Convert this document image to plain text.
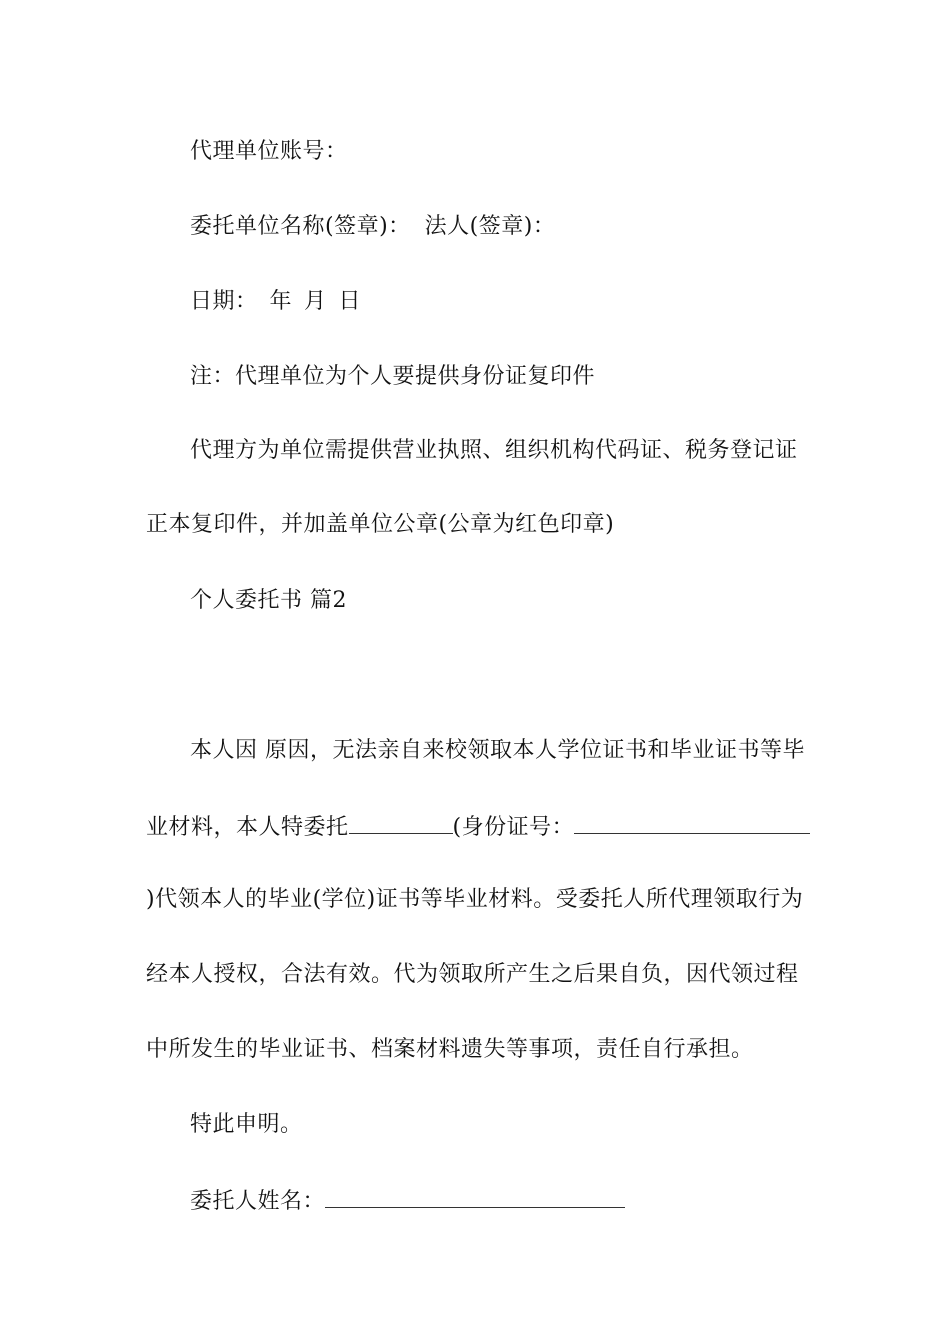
代理单位账号：
委托单位名称(签章)： 法人(签章)：
日期： 年 月 日
注：代理单位为个人要提供身份证复印件
代理方为单位需提供营业执照、组织机构代码证、税务登记证
正本复印件，并加盖单位公章(公章为红色印章)
个人委托书 篇2
本人因 原因，无法亲自来校领取本人学位证书和毕业证书等毕
业材料，本人特委托	(身份证号：
)代领本人的毕业(学位)证书等毕业材料。受委托人所代理领取行为
经本人授权，合法有效。代为领取所产生之后果自负，因代领过程
中所发生的毕业证书、档案材料遗失等事项，责任自行承担。
特此申明。
委托人姓名：
